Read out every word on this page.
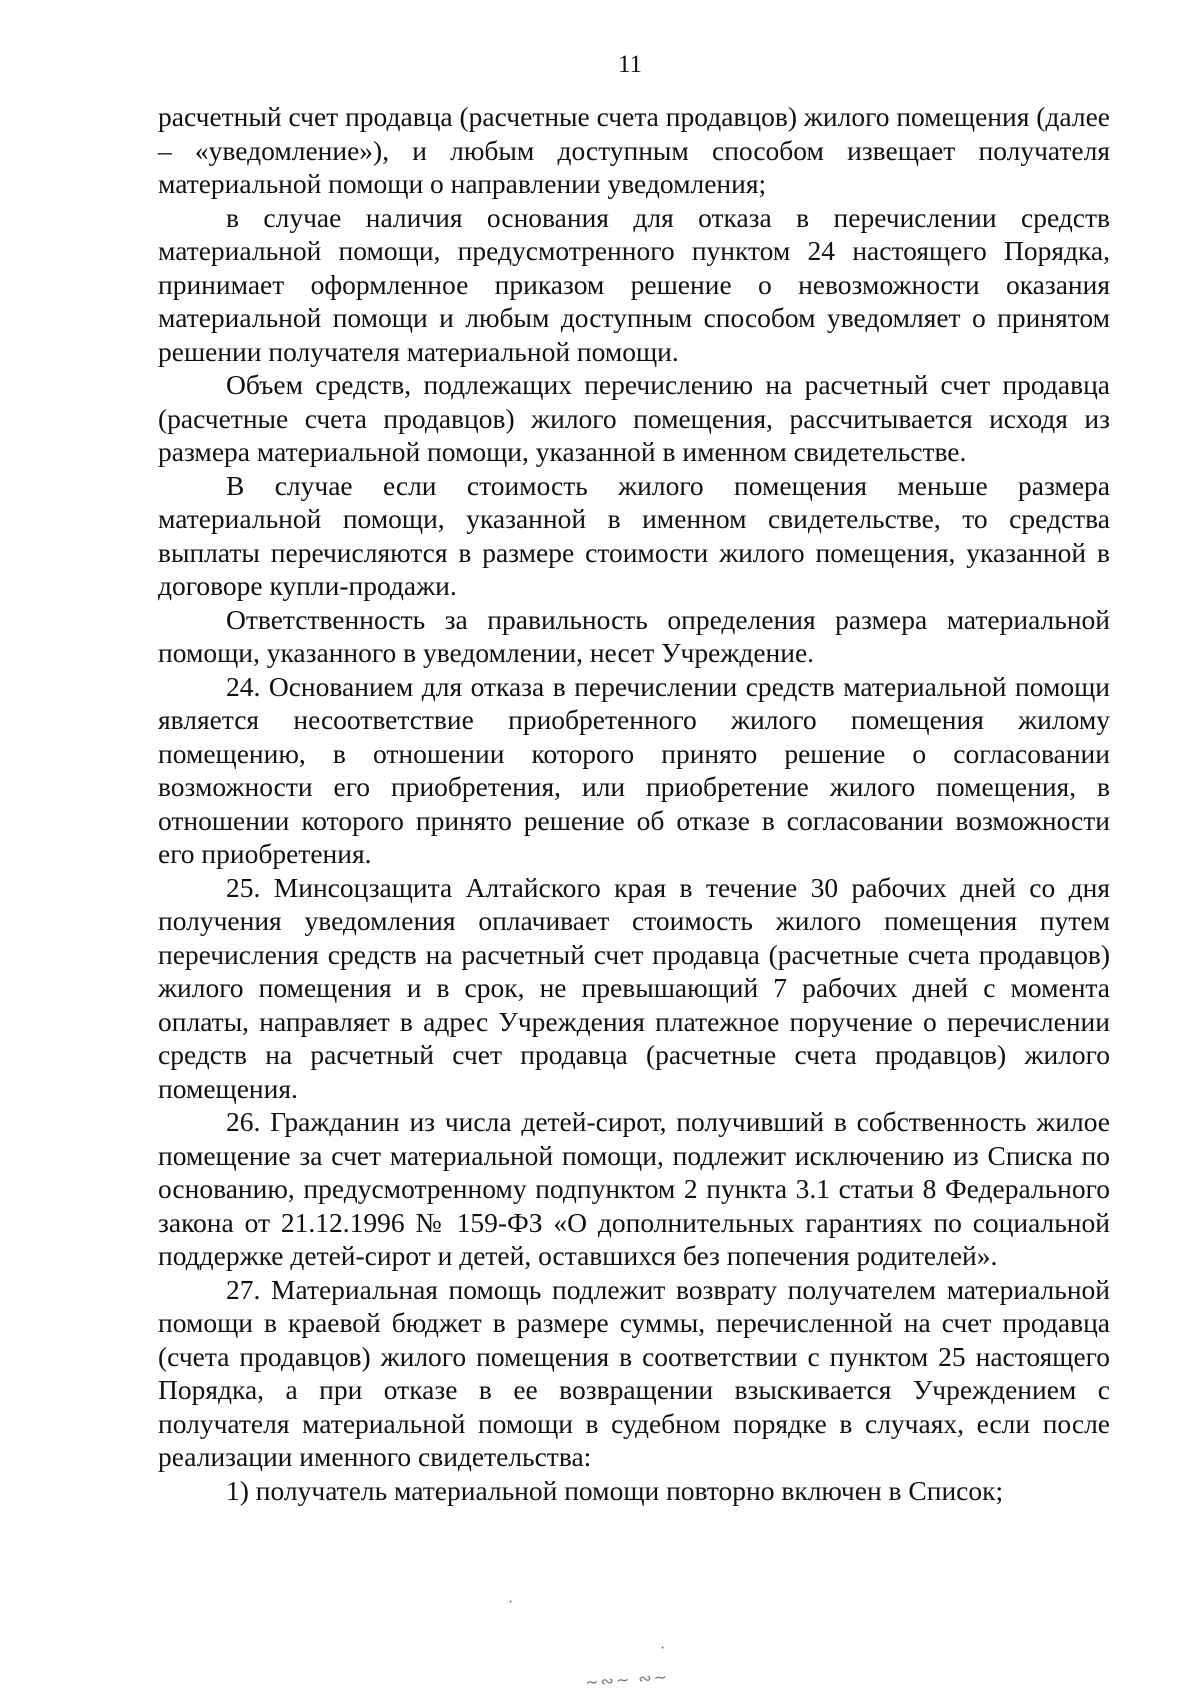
11

расчетный счет продавца (расчетные счета продавцов) жилого помещения (далее – «уведомление»), и любым доступным способом извещает получателя материальной помощи о направлении уведомления;

в случае наличия основания для отказа в перечислении средств материальной помощи, предусмотренного пунктом 24 настоящего Порядка, принимает оформленное приказом решение о невозможности оказания материальной помощи и любым доступным способом уведомляет о принятом решении получателя материальной помощи.

Объем средств, подлежащих перечислению на расчетный счет продавца (расчетные счета продавцов) жилого помещения, рассчитывается исходя из размера материальной помощи, указанной в именном свидетельстве.

В случае если стоимость жилого помещения меньше размера материальной помощи, указанной в именном свидетельстве, то средства выплаты перечисляются в размере стоимости жилого помещения, указанной в договоре купли-продажи.

Ответственность за правильность определения размера материальной помощи, указанного в уведомлении, несет Учреждение.

24. Основанием для отказа в перечислении средств материальной помощи является несоответствие приобретенного жилого помещения жилому помещению, в отношении которого принято решение о согласовании возможности его приобретения, или приобретение жилого помещения, в отношении которого принято решение об отказе в согласовании возможности его приобретения.

25. Минсоцзащита Алтайского края в течение 30 рабочих дней со дня получения уведомления оплачивает стоимость жилого помещения путем перечисления средств на расчетный счет продавца (расчетные счета продавцов) жилого помещения и в срок, не превышающий 7 рабочих дней с момента оплаты, направляет в адрес Учреждения платежное поручение о перечислении средств на расчетный счет продавца (расчетные счета продавцов) жилого помещения.

26. Гражданин из числа детей-сирот, получивший в собственность жилое помещение за счет материальной помощи, подлежит исключению из Списка по основанию, предусмотренному подпунктом 2 пункта 3.1 статьи 8 Федерального закона от 21.12.1996 № 159-ФЗ «О дополнительных гарантиях по социальной поддержке детей-сирот и детей, оставшихся без попечения родителей».

27. Материальная помощь подлежит возврату получателем материальной помощи в краевой бюджет в размере суммы, перечисленной на счет продавца (счета продавцов) жилого помещения в соответствии с пунктом 25 настоящего Порядка, а при отказе в ее возвращении взыскивается Учреждением с получателя материальной помощи в судебном порядке в случаях, если после реализации именного свидетельства:

1) получатель материальной помощи повторно включен в Список;

·
·
∼∾∼ ∾∼
